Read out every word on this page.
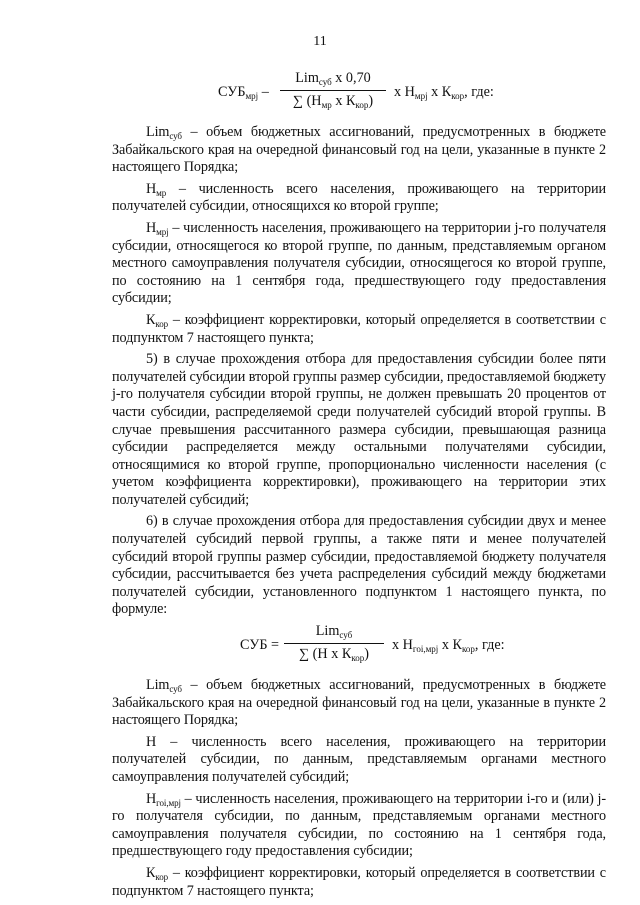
11
$СУБ_{мрj}$ –
Lim$_{суб}$ x 0,70
∑ ($Н_{мр}$ x $К_{кор}$)
x $Н_{мрj}$ x $К_{кор}$, где:

Lim$_{суб}$ – объем бюджетных ассигнований, предусмотренных в бюджете Забайкальского края на очередной финансовый год на цели, указанные в пункте 2 настоящего Порядка;

$Н_{мр}$ – численность всего населения, проживающего на территории получателей субсидии, относящихся ко второй группе;

$Н_{мрj}$ – численность населения, проживающего на территории j-го получателя субсидии, относящегося ко второй группе, по данным, представляемым органом местного самоуправления получателя субсидии, относящегося ко второй группе, по состоянию на 1 сентября года, предшествующего году предоставления субсидии;

$К_{кор}$ – коэффициент корректировки, который определяется в соответствии с подпунктом 7 настоящего пункта;

5) в случае прохождения отбора для предоставления субсидии более пяти получателей субсидии второй группы размер субсидии, предоставляемой бюджету j-го получателя субсидии второй группы, не должен превышать 20 процентов от части субсидии, распределяемой среди получателей субсидий второй группы. В случае превышения рассчитанного размера субсидии, превышающая разница субсидии распределяется между остальными получателями субсидии, относящимися ко второй группе, пропорционально численности населения (с учетом коэффициента корректировки), проживающего на территории этих получателей субсидий;

6) в случае прохождения отбора для предоставления субсидии двух и менее получателей субсидий первой группы, а также пяти и менее получателей субсидий второй группы размер субсидии, предоставляемой бюджету получателя субсидии, рассчитывается без учета распределения субсидий между бюджетами получателей субсидии, установленного подпунктом 1 настоящего пункта, по формуле:

СУБ =
Lim$_{суб}$
∑ (Н x $К_{кор}$)
x $Н_{гоi,мрj}$ x $К_{кор}$, где:

Lim$_{суб}$ – объем бюджетных ассигнований, предусмотренных в бюджете Забайкальского края на очередной финансовый год на цели, указанные в пункте 2 настоящего Порядка;

Н – численность всего населения, проживающего на территории получателей субсидии, по данным, представляемым органами местного самоуправления получателей субсидий;

$Н_{гоi,мрj}$ – численность населения, проживающего на территории i-го и (или) j-го получателя субсидии, по данным, представляемым органами местного самоуправления получателя субсидии, по состоянию на 1 сентября года, предшествующего году предоставления субсидии;

$К_{кор}$ – коэффициент корректировки, который определяется в соответствии с подпунктом 7 настоящего пункта;
